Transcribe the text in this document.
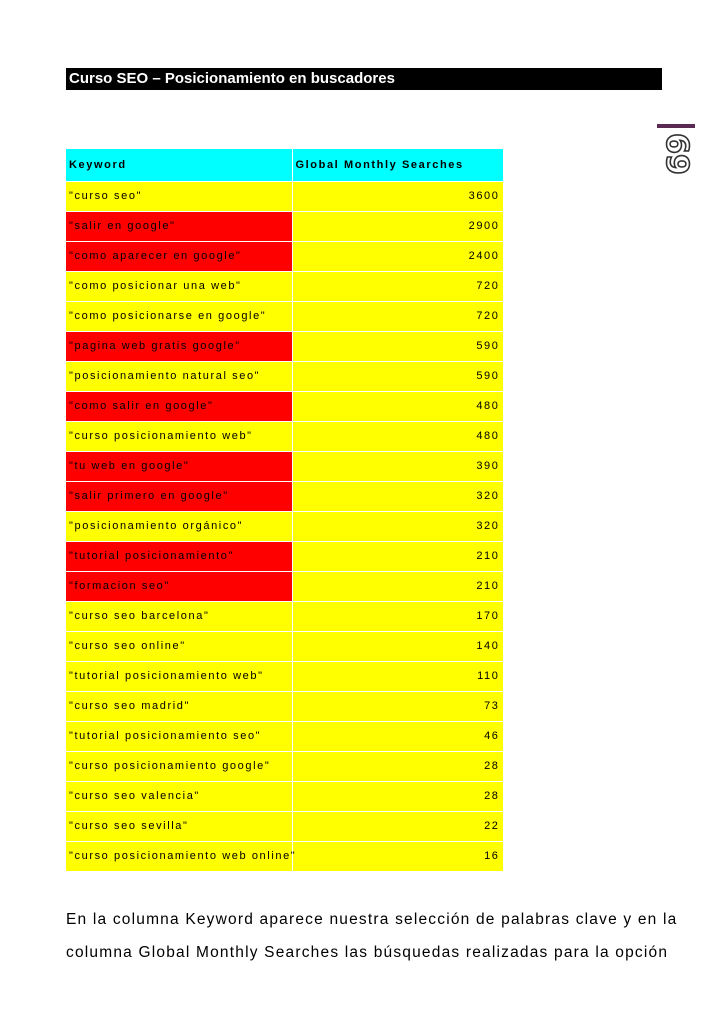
Curso SEO – Posicionamiento en buscadores
69
Keyword	Global Monthly Searches
"curso seo"	3600
"salir en google"	2900
"como aparecer en google"	2400
"como posicionar una web"	720
"como posicionarse en google"	720
"pagina web gratis google"	590
"posicionamiento natural seo"	590
"como salir en google"	480
"curso posicionamiento web"	480
"tu web en google"	390
"salir primero en google"	320
"posicionamiento orgánico"	320
"tutorial posicionamiento"	210
"formacion seo"	210
"curso seo barcelona"	170
"curso seo online"	140
"tutorial posicionamiento web"	110
"curso seo madrid"	73
"tutorial posicionamiento seo"	46
"curso posicionamiento google"	28
"curso seo valencia"	28
"curso seo sevilla"	22
"curso posicionamiento web online"	16
En la columna Keyword aparece nuestra selección de palabras clave y en la
columna Global Monthly Searches las búsquedas realizadas para la opción
